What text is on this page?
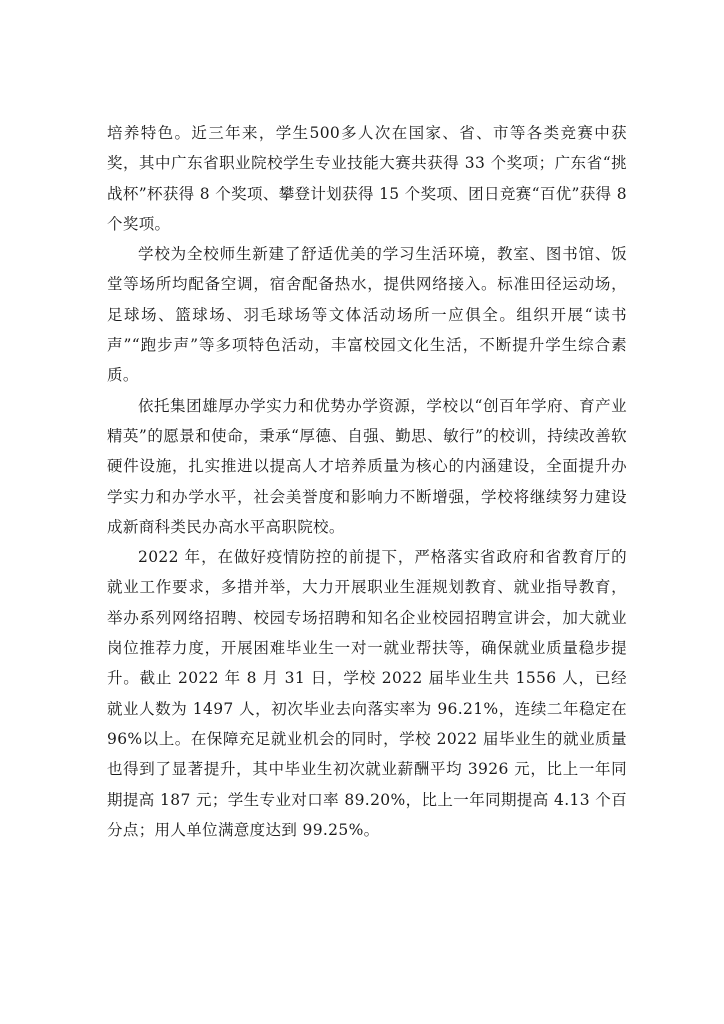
培养特色。近三年来，学生500多人次在国家、省、市等各类竞赛中获奖，其中广东省职业院校学生专业技能大赛共获得 33 个奖项；广东省“挑战杯”杯获得 8 个奖项、攀登计划获得 15 个奖项、团日竞赛“百优”获得 8 个奖项。

学校为全校师生新建了舒适优美的学习生活环境，教室、图书馆、饭堂等场所均配备空调，宿舍配备热水，提供网络接入。标准田径运动场，足球场、篮球场、羽毛球场等文体活动场所一应俱全。组织开展“读书声”“跑步声”等多项特色活动，丰富校园文化生活，不断提升学生综合素质。

依托集团雄厚办学实力和优势办学资源，学校以“创百年学府、育产业精英”的愿景和使命，秉承“厚德、自强、勤思、敏行”的校训，持续改善软硬件设施，扎实推进以提高人才培养质量为核心的内涵建设，全面提升办学实力和办学水平，社会美誉度和影响力不断增强，学校将继续努力建设成新商科类民办高水平高职院校。

2022 年，在做好疫情防控的前提下，严格落实省政府和省教育厅的就业工作要求，多措并举，大力开展职业生涯规划教育、就业指导教育，举办系列网络招聘、校园专场招聘和知名企业校园招聘宣讲会，加大就业岗位推荐力度，开展困难毕业生一对一就业帮扶等，确保就业质量稳步提升。截止 2022 年 8 月 31 日，学校 2022 届毕业生共 1556 人，已经就业人数为 1497 人，初次毕业去向落实率为 96.21%，连续二年稳定在96%以上。在保障充足就业机会的同时，学校 2022 届毕业生的就业质量也得到了显著提升，其中毕业生初次就业薪酬平均 3926 元，比上一年同期提高 187 元；学生专业对口率 89.20%，比上一年同期提高 4.13 个百分点；用人单位满意度达到 99.25%。
